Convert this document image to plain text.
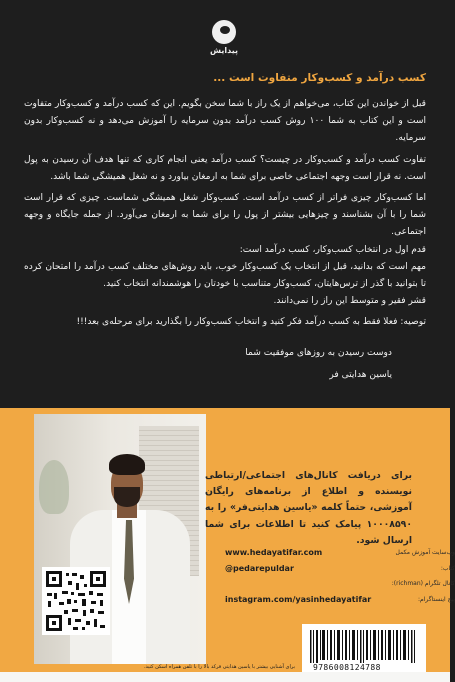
پیدایش
کسب درآمد و کسب‌وکار متفاوت است ...

قبل از خواندن این کتاب، می‌خواهم از یک راز با شما سخن بگویم. این که کسب درآمد و کسب‌وکار متفاوت است و این کتاب به شما ۱۰۰ روش کسب درآمد بدون سرمایه را آموزش می‌دهد و نه کسب‌وکار بدون سرمایه.

تفاوت کسب درآمد و کسب‌وکار در چیست؟ کسب درآمد یعنی انجام کاری که تنها هدف آن رسیدن به پول است. نه قرار است وجهه اجتماعی خاصی برای شما به ارمغان بیاورد و نه شغل همیشگی شما باشد.

اما کسب‌وکار چیزی فراتر از کسب درآمد است. کسب‌وکار شغل همیشگی شماست. چیزی که قرار است شما را با آن بشناسند و چیزهایی بیشتر از پول را برای شما به ارمغان می‌آورد. از جمله جایگاه و وجهه اجتماعی.

قدم اول در انتخاب کسب‌وکار، کسب درآمد است:

مهم است که بدانید، قبل از انتخاب یک کسب‌وکار خوب، باید روش‌های مختلف کسب درآمد را امتحان کرده تا بتوانید با گذر از ترس‌هایتان، کسب‌وکار متناسب با خودتان را هوشمندانه انتخاب کنید.

قشر فقیر و متوسط این راز را نمی‌دانند.

توصیه: فعلا فقط به کسب درآمد فکر کنید و انتخاب کسب‌وکار را بگذارید برای مرحله‌ی بعد!!!

دوست رسیدن به روزهای موفقیت شما
یاسین هدایتی فر
برای آشنایی بیشتر با یاسین هدایتی فرکد بالا را با تلفن همراه اسکن کنید.
برای دریافت کانال‌های اجتماعی/ارتباطی نویسنده و اطلاع از برنامه‌های رایگان آموزشی، حتماً کلمه «یاسین هدایتی‌فر» را به ۱۰۰۰۸۵۹۰ پیامک کنید تا اطلاعات برای شما ارسال شود.
www.hedayatifar.com
@pedarepuldar
instagram.com/yasinhedayatifar
وب‌سایت آموزش مکمل کتاب:
کانال تلگرام (richman):
پیج اینستاگرام:
9786008124788
